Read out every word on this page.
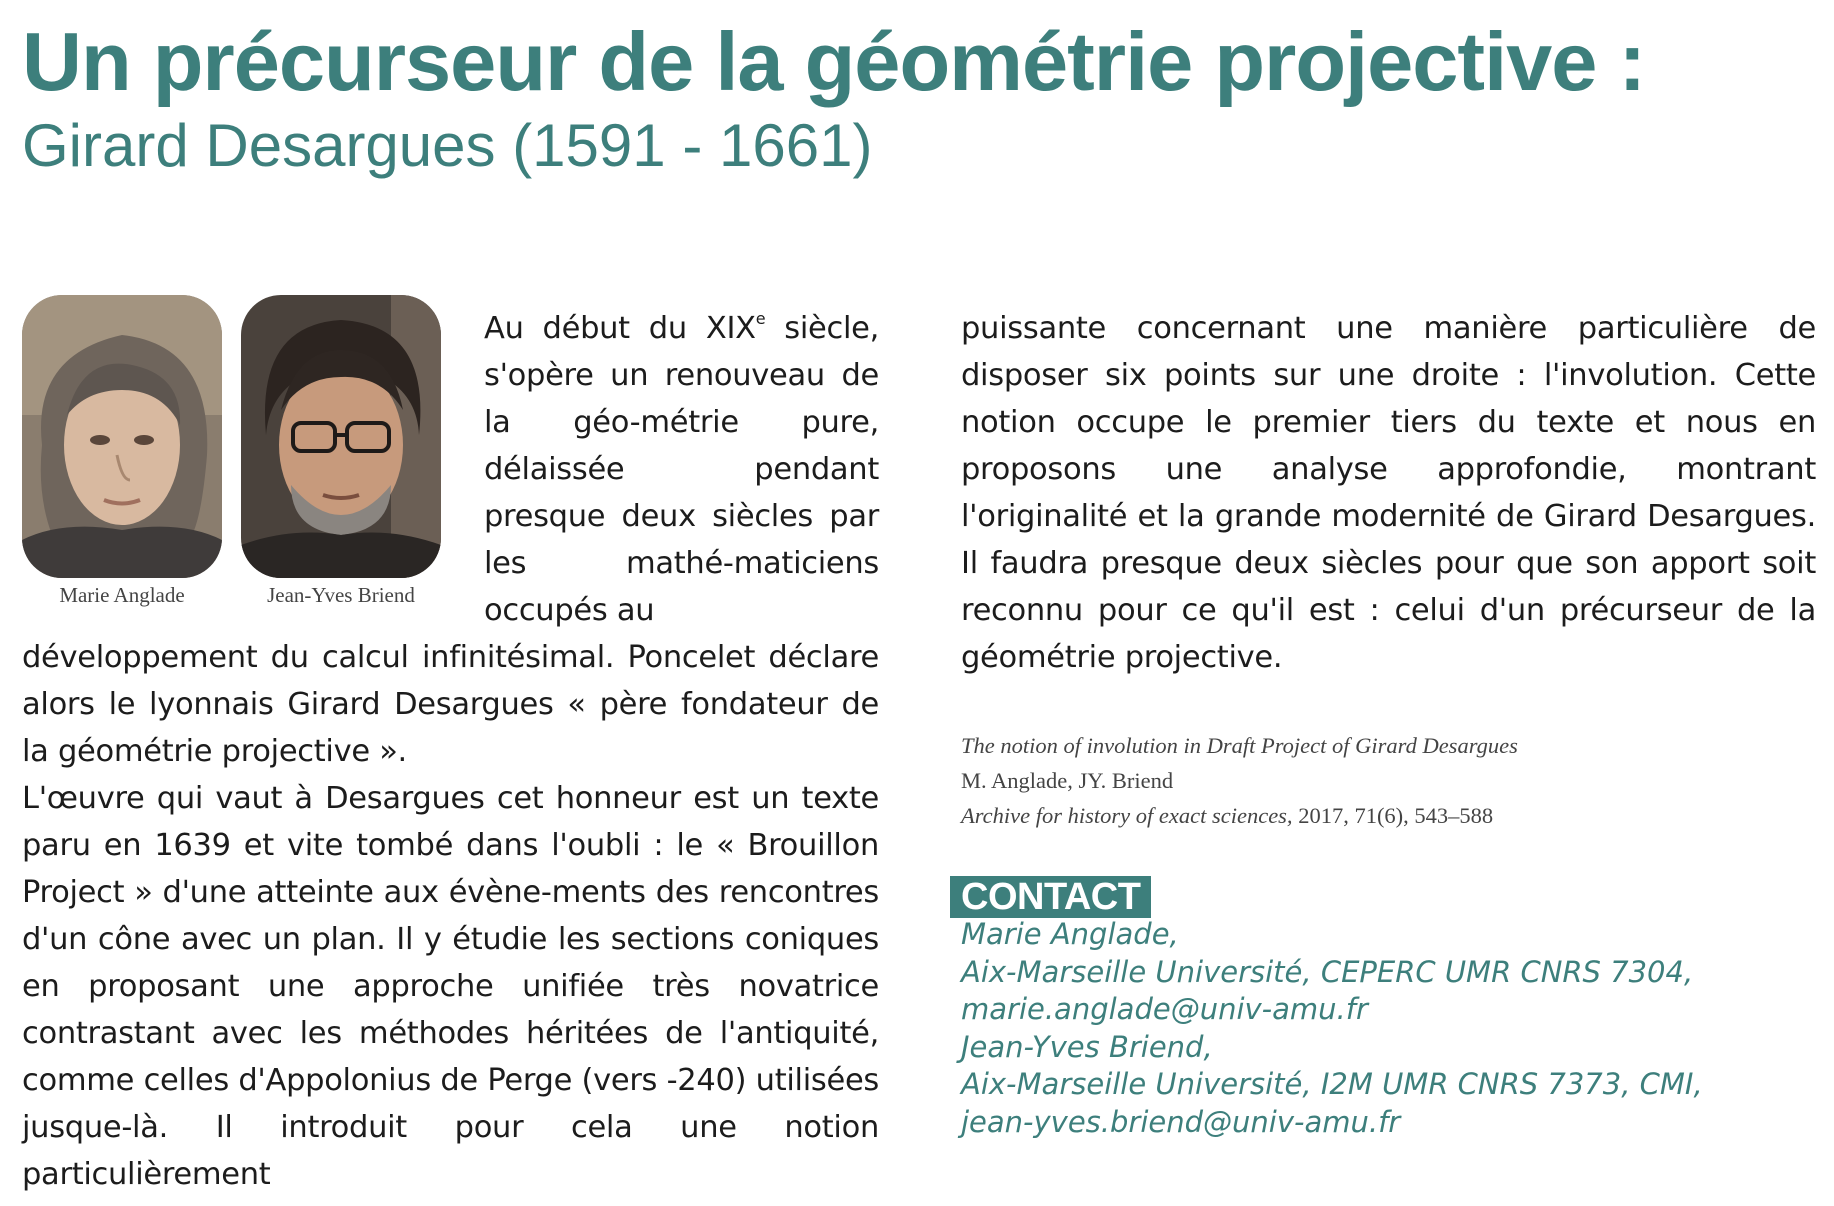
Un précurseur de la géométrie projective :
Girard Desargues (1591 - 1661)
Marie Anglade	Jean-Yves Briend

Au début du XIXe siècle, s'opère un renouveau de la géo-métrie pure, délaissée pendant presque deux siècles par les mathé-maticiens occupés au

développement du calcul infinitésimal. Poncelet déclare alors le lyonnais Girard Desargues « père fondateur de la géométrie projective ».

L'œuvre qui vaut à Desargues cet honneur est un texte paru en 1639 et vite tombé dans l'oubli : le « Brouillon Project » d'une atteinte aux évène-ments des rencontres d'un cône avec un plan. Il y étudie les sections coniques en proposant une approche unifiée très novatrice contrastant avec les méthodes héritées de l'antiquité, comme celles d'Appolonius de Perge (vers -240) utilisées jusque-là. Il introduit pour cela une notion particulièrement

puissante concernant une manière particulière de disposer six points sur une droite : l'involution. Cette notion occupe le premier tiers du texte et nous en proposons une analyse approfondie, montrant l'originalité et la grande modernité de Girard Desargues. Il faudra presque deux siècles pour que son apport soit reconnu pour ce qu'il est : celui d'un précurseur de la géométrie projective.

The notion of involution in Draft Project of Girard Desargues
M. Anglade, JY. Briend
Archive for history of exact sciences, 2017, 71(6), 543–588
CONTACT
Marie Anglade,
Aix-Marseille Université, CEPERC UMR CNRS 7304,
marie.anglade@univ-amu.fr
Jean-Yves Briend,
Aix-Marseille Université, I2M UMR CNRS 7373, CMI,
jean-yves.briend@univ-amu.fr
